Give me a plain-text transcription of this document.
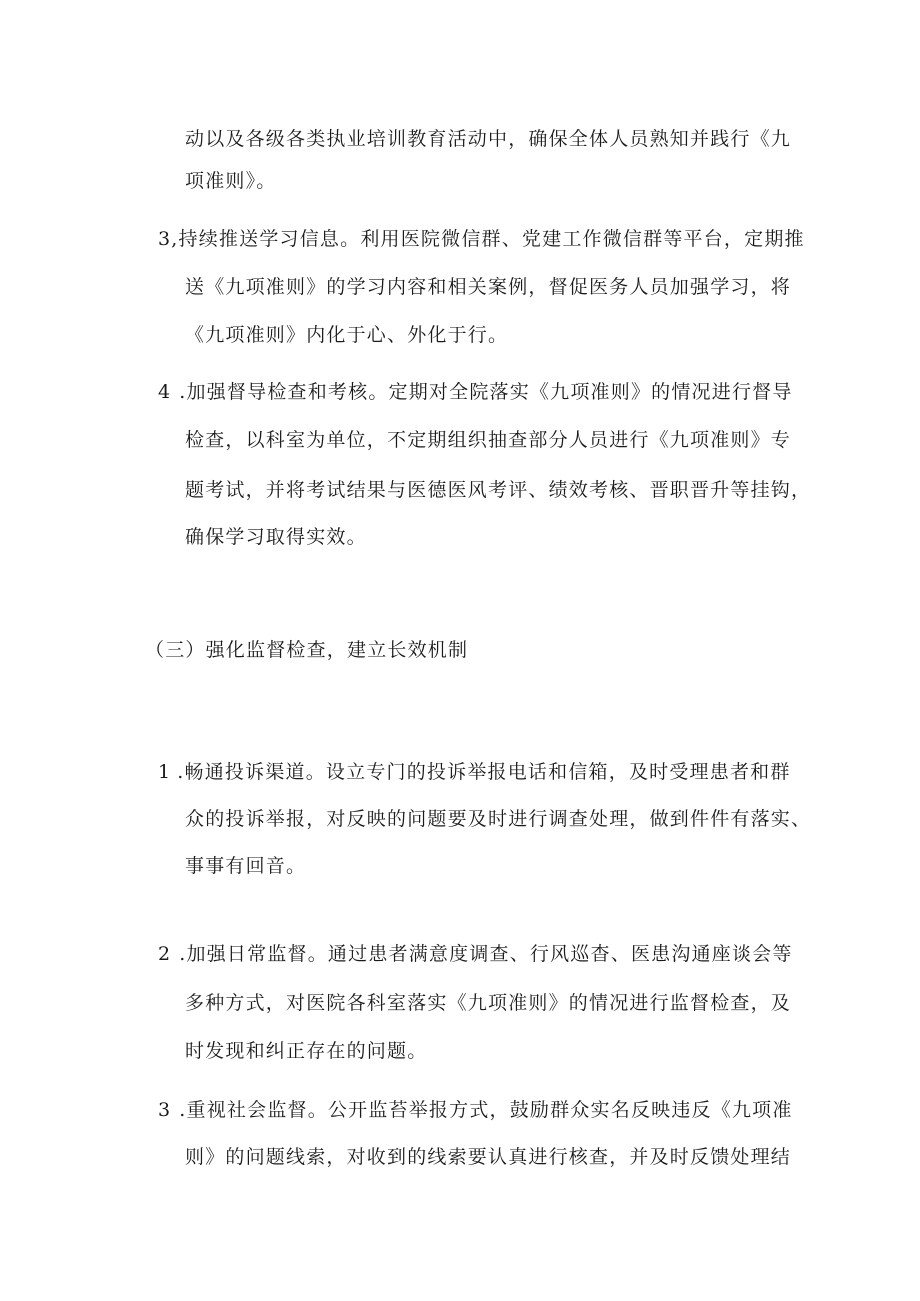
动以及各级各类执业培训教育活动中，确保全体人员熟知并践行《九
项准则》。
3,持续推送学习信息。利用医院微信群、党建工作微信群等平台，定期推
送《九项准则》的学习内容和相关案例，督促医务人员加强学习，将
《九项准则》内化于心、外化于行。
4 .加强督导检查和考核。定期对全院落实《九项准则》的情况进行督导
检查，以科室为单位，不定期组织抽查部分人员进行《九项准则》专
题考试，并将考试结果与医德医风考评、绩效考核、晋职晋升等挂钩，
确保学习取得实效。
（三）强化监督检查，建立长效机制
1 .畅通投诉渠道。设立专门的投诉举报电话和信箱，及时受理患者和群
众的投诉举报，对反映的问题要及时进行调查处理，做到件件有落实、
事事有回音。
2 .加强日常监督。通过患者满意度调查、行风巡杳、医患沟通座谈会等
多种方式，对医院各科室落实《九项准则》的情况进行监督检查，及
时发现和纠正存在的问题。
3 .重视社会监督。公开监苔举报方式，鼓励群众实名反映违反《九项准
则》的问题线索，对收到的线索要认真进行核查，并及时反馈处理结
